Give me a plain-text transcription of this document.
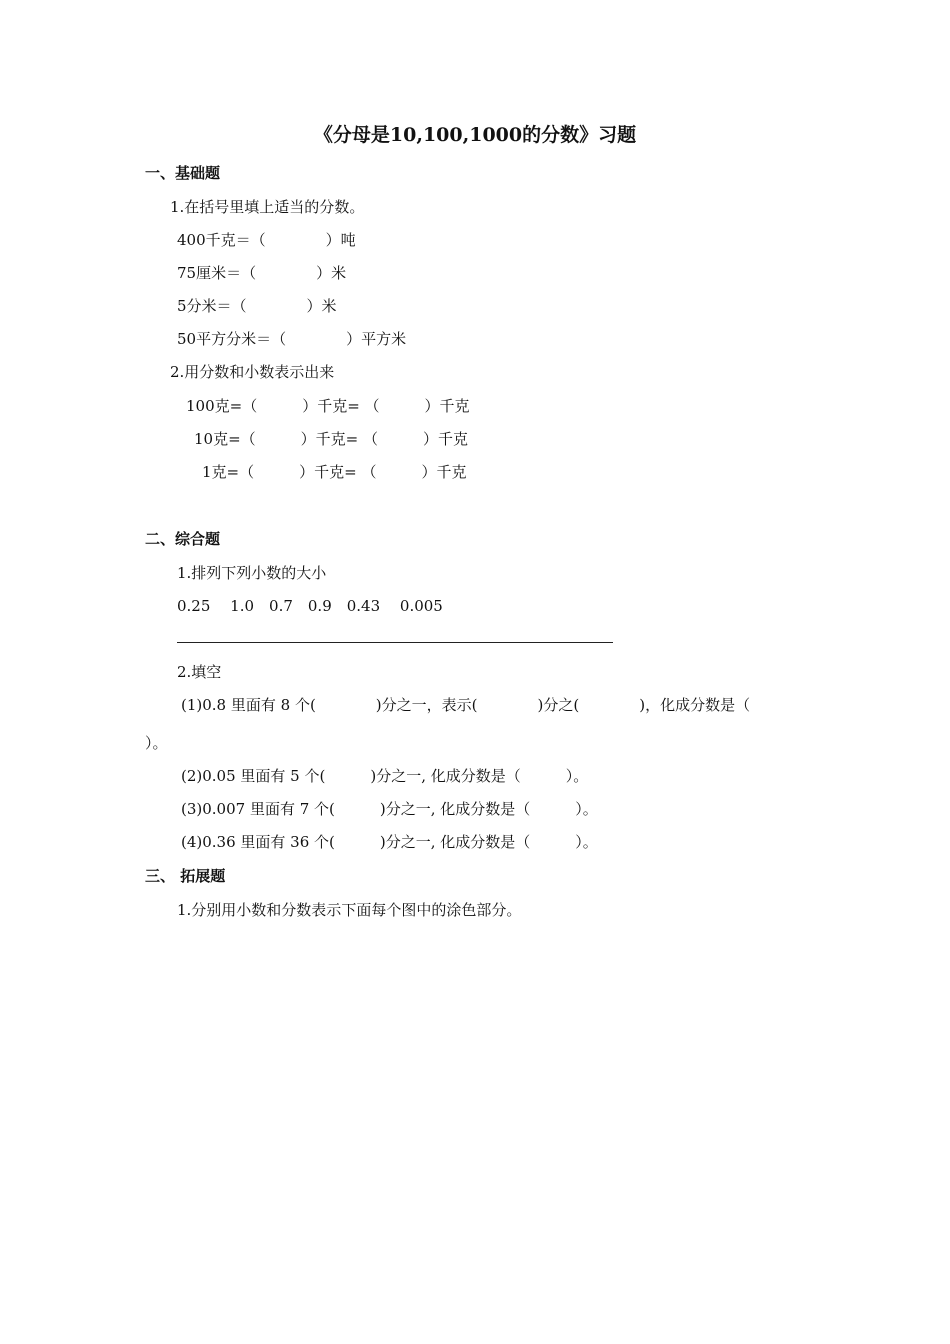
《分母是10,100,1000的分数》习题
一、基础题
1.在括号里填上适当的分数。
400千克＝（　　　　）吨
75厘米＝（　　　　）米
5分米＝（　　　　）米
50平方分米＝（　　　　）平方米
2.用分数和小数表示出来
100克=（　　　）千克= （　　　）千克
10克=（　　　）千克= （　　　）千克
1克=（　　　）千克= （　　　）千克
二、综合题
1.排列下列小数的大小
0.25　 1.0　0.7　0.9　0.43　 0.005
2.填空
(1)0.8 里面有 8 个(　　　　)分之一，表示(　　　　)分之(　　　　)，化成分数是（
）。
(2)0.05 里面有 5 个(　　　)分之一, 化成分数是（　　　）。
(3)0.007 里面有 7 个(　　　)分之一, 化成分数是（　　　）。
(4)0.36 里面有 36 个(　　　)分之一, 化成分数是（　　　）。
三、 拓展题
1.分别用小数和分数表示下面每个图中的涂色部分。
